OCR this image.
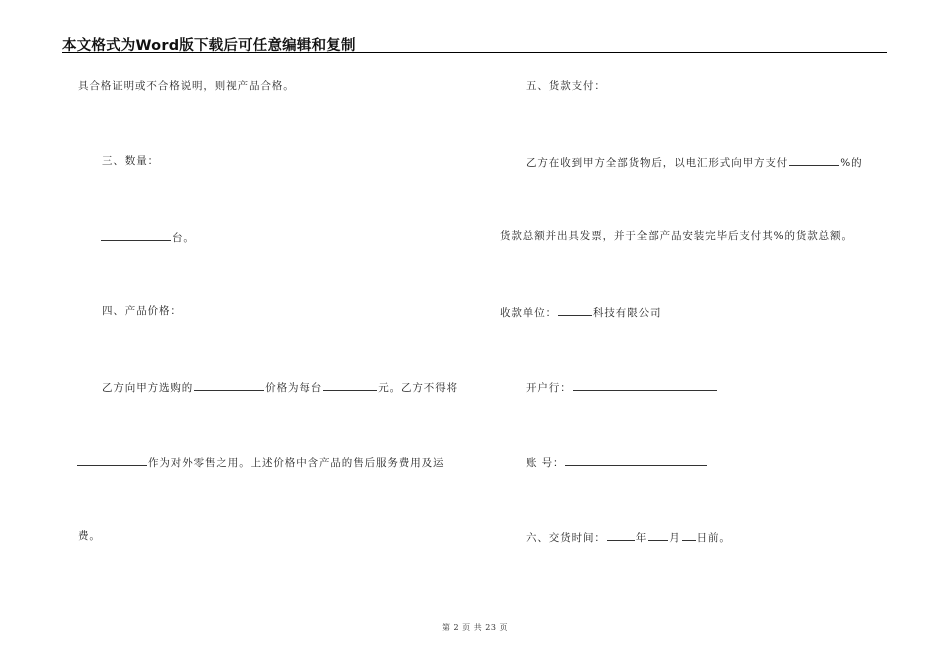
本文格式为Word版下载后可任意编辑和复制
具合格证明或不合格说明，则视产品合格。
三、数量：
台。
四、产品价格：
乙方向甲方选购的	价格为每台	元。乙方不得将
作为对外零售之用。上述价格中含产品的售后服务费用及运
费。
五、货款支付：
乙方在收到甲方全部货物后，以电汇形式向甲方支付	%的
货款总额并出具发票，并于全部产品安装完毕后支付其%的货款总额。
收款单位：	科技有限公司
开户行：
账 号：
六、交货时间：	年 月 日前。
第 2 页 共 23 页
